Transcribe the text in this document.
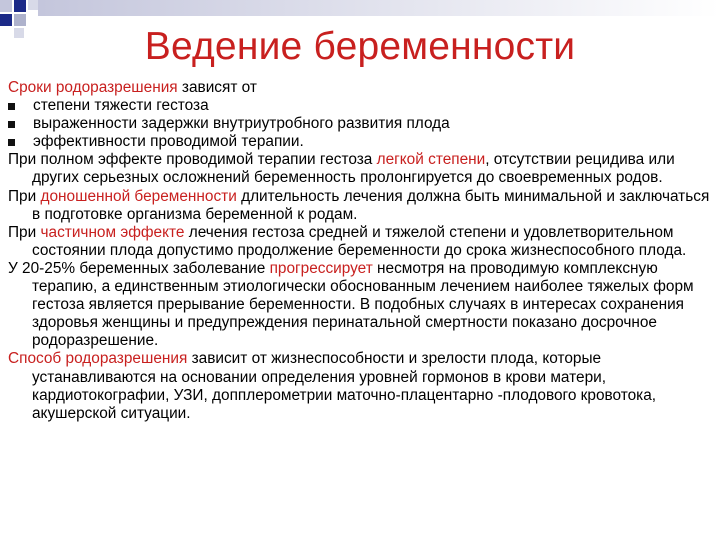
Ведение беременности
Сроки родоразрешения зависят от
степени тяжести гестоза
выраженности задержки внутриутробного развития плода
эффективности проводимой терапии.
При полном эффекте проводимой терапии гестоза легкой степени, отсутствии рецидива или других серьезных осложнений беременность пролонгируется до своевременных родов.
При доношенной беременности длительность лечения должна быть минимальной и заключаться в подготовке организма беременной к родам.
При частичном эффекте лечения гестоза средней и тяжелой степени и удовлетворительном состоянии плода допустимо продолжение беременности до срока жизнеспособного плода.
У 20-25% беременных заболевание прогрессирует несмотря на проводимую комплексную терапию, а единственным этиологически обоснованным лечением наиболее тяжелых форм гестоза является прерывание беременности. В подобных случаях в интересах сохранения здоровья женщины и предупреждения перинатальной смертности показано досрочное родоразрешение.
Способ родоразрешения зависит от жизнеспособности и зрелости плода, которые устанавливаются на основании определения уровней гормонов в крови матери, кардиотокографии, УЗИ, допплерометрии маточно-плацентарно -плодового кровотока, акушерской ситуации.
